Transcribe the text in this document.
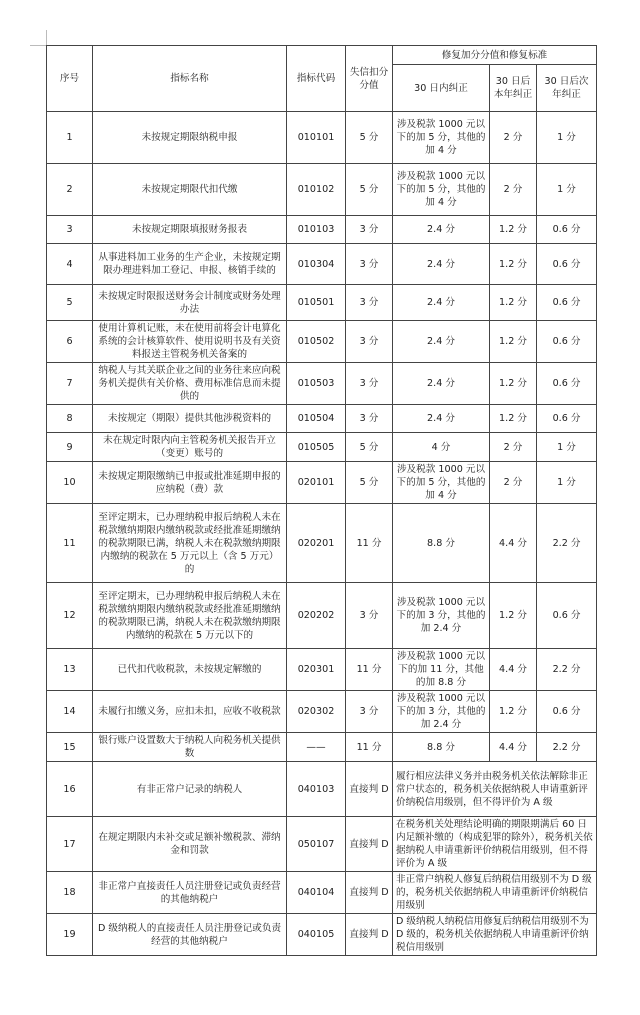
序号	指标名称	指标代码	失信扣分分值	修复加分分值和修复标准		
				30 日内纠正	30 日后本年纠正	30 日后次年纠正
1	未按规定期限纳税申报	010101	5 分	涉及税款 1000 元以下的加 5 分，其他的加 4 分	2 分	1 分
2	未按规定期限代扣代缴	010102	5 分	涉及税款 1000 元以下的加 5 分，其他的加 4 分	2 分	1 分
3	未按规定期限填报财务报表	010103	3 分	2.4 分	1.2 分	0.6 分
4	从事进料加工业务的生产企业，未按规定期限办理进料加工登记、申报、核销手续的	010304	3 分	2.4 分	1.2 分	0.6 分
5	未按规定时限报送财务会计制度或财务处理办法	010501	3 分	2.4 分	1.2 分	0.6 分
6	使用计算机记账，未在使用前将会计电算化系统的会计核算软件、使用说明书及有关资料报送主管税务机关备案的	010502	3 分	2.4 分	1.2 分	0.6 分
7	纳税人与其关联企业之间的业务往来应向税务机关提供有关价格、费用标准信息而未提供的	010503	3 分	2.4 分	1.2 分	0.6 分
8	未按规定（期限）提供其他涉税资料的	010504	3 分	2.4 分	1.2 分	0.6 分
9	未在规定时限内向主管税务机关报告开立（变更）账号的	010505	5 分	4 分	2 分	1 分
10	未按规定期限缴纳已申报或批准延期申报的应纳税（费）款	020101	5 分	涉及税款 1000 元以下的加 5 分，其他的加 4 分	2 分	1 分
11	至评定期末，已办理纳税申报后纳税人未在税款缴纳期限内缴纳税款或经批准延期缴纳的税款期限已满，纳税人未在税款缴纳期限内缴纳的税款在 5 万元以上（含 5 万元）的	020201	11 分	8.8 分	4.4 分	2.2 分
12	至评定期末，已办理纳税申报后纳税人未在税款缴纳期限内缴纳税款或经批准延期缴纳的税款期限已满，纳税人未在税款缴纳期限内缴纳的税款在 5 万元以下的	020202	3 分	涉及税款 1000 元以下的加 3 分，其他的加 2.4 分	1.2 分	0.6 分
13	已代扣代收税款，未按规定解缴的	020301	11 分	涉及税款 1000 元以下的加 11 分，其他的加 8.8 分	4.4 分	2.2 分
14	未履行扣缴义务，应扣未扣，应收不收税款	020302	3 分	涉及税款 1000 元以下的加 3 分，其他的加 2.4 分	1.2 分	0.6 分
15	银行账户设置数大于纳税人向税务机关提供数	——	11 分	8.8 分	4.4 分	2.2 分
16	有非正常户记录的纳税人	040103	直接判 D	履行相应法律义务并由税务机关依法解除非正常户状态的，税务机关依据纳税人申请重新评价纳税信用级别，但不得评价为 A 级		
17	在规定期限内未补交或足额补缴税款、滞纳金和罚款	050107	直接判 D	在税务机关处理结论明确的期限期满后 60 日内足额补缴的（构成犯罪的除外），税务机关依据纳税人申请重新评价纳税信用级别，但不得评价为 A 级		
18	非正常户直接责任人员注册登记或负责经营的其他纳税户	040104	直接判 D	非正常户纳税人修复后纳税信用级别不为 D 级的，税务机关依据纳税人申请重新评价纳税信用级别		
19	D 级纳税人的直接责任人员注册登记或负责经营的其他纳税户	040105	直接判 D	D 级纳税人纳税信用修复后纳税信用级别不为 D 级的，税务机关依据纳税人申请重新评价纳税信用级别		
